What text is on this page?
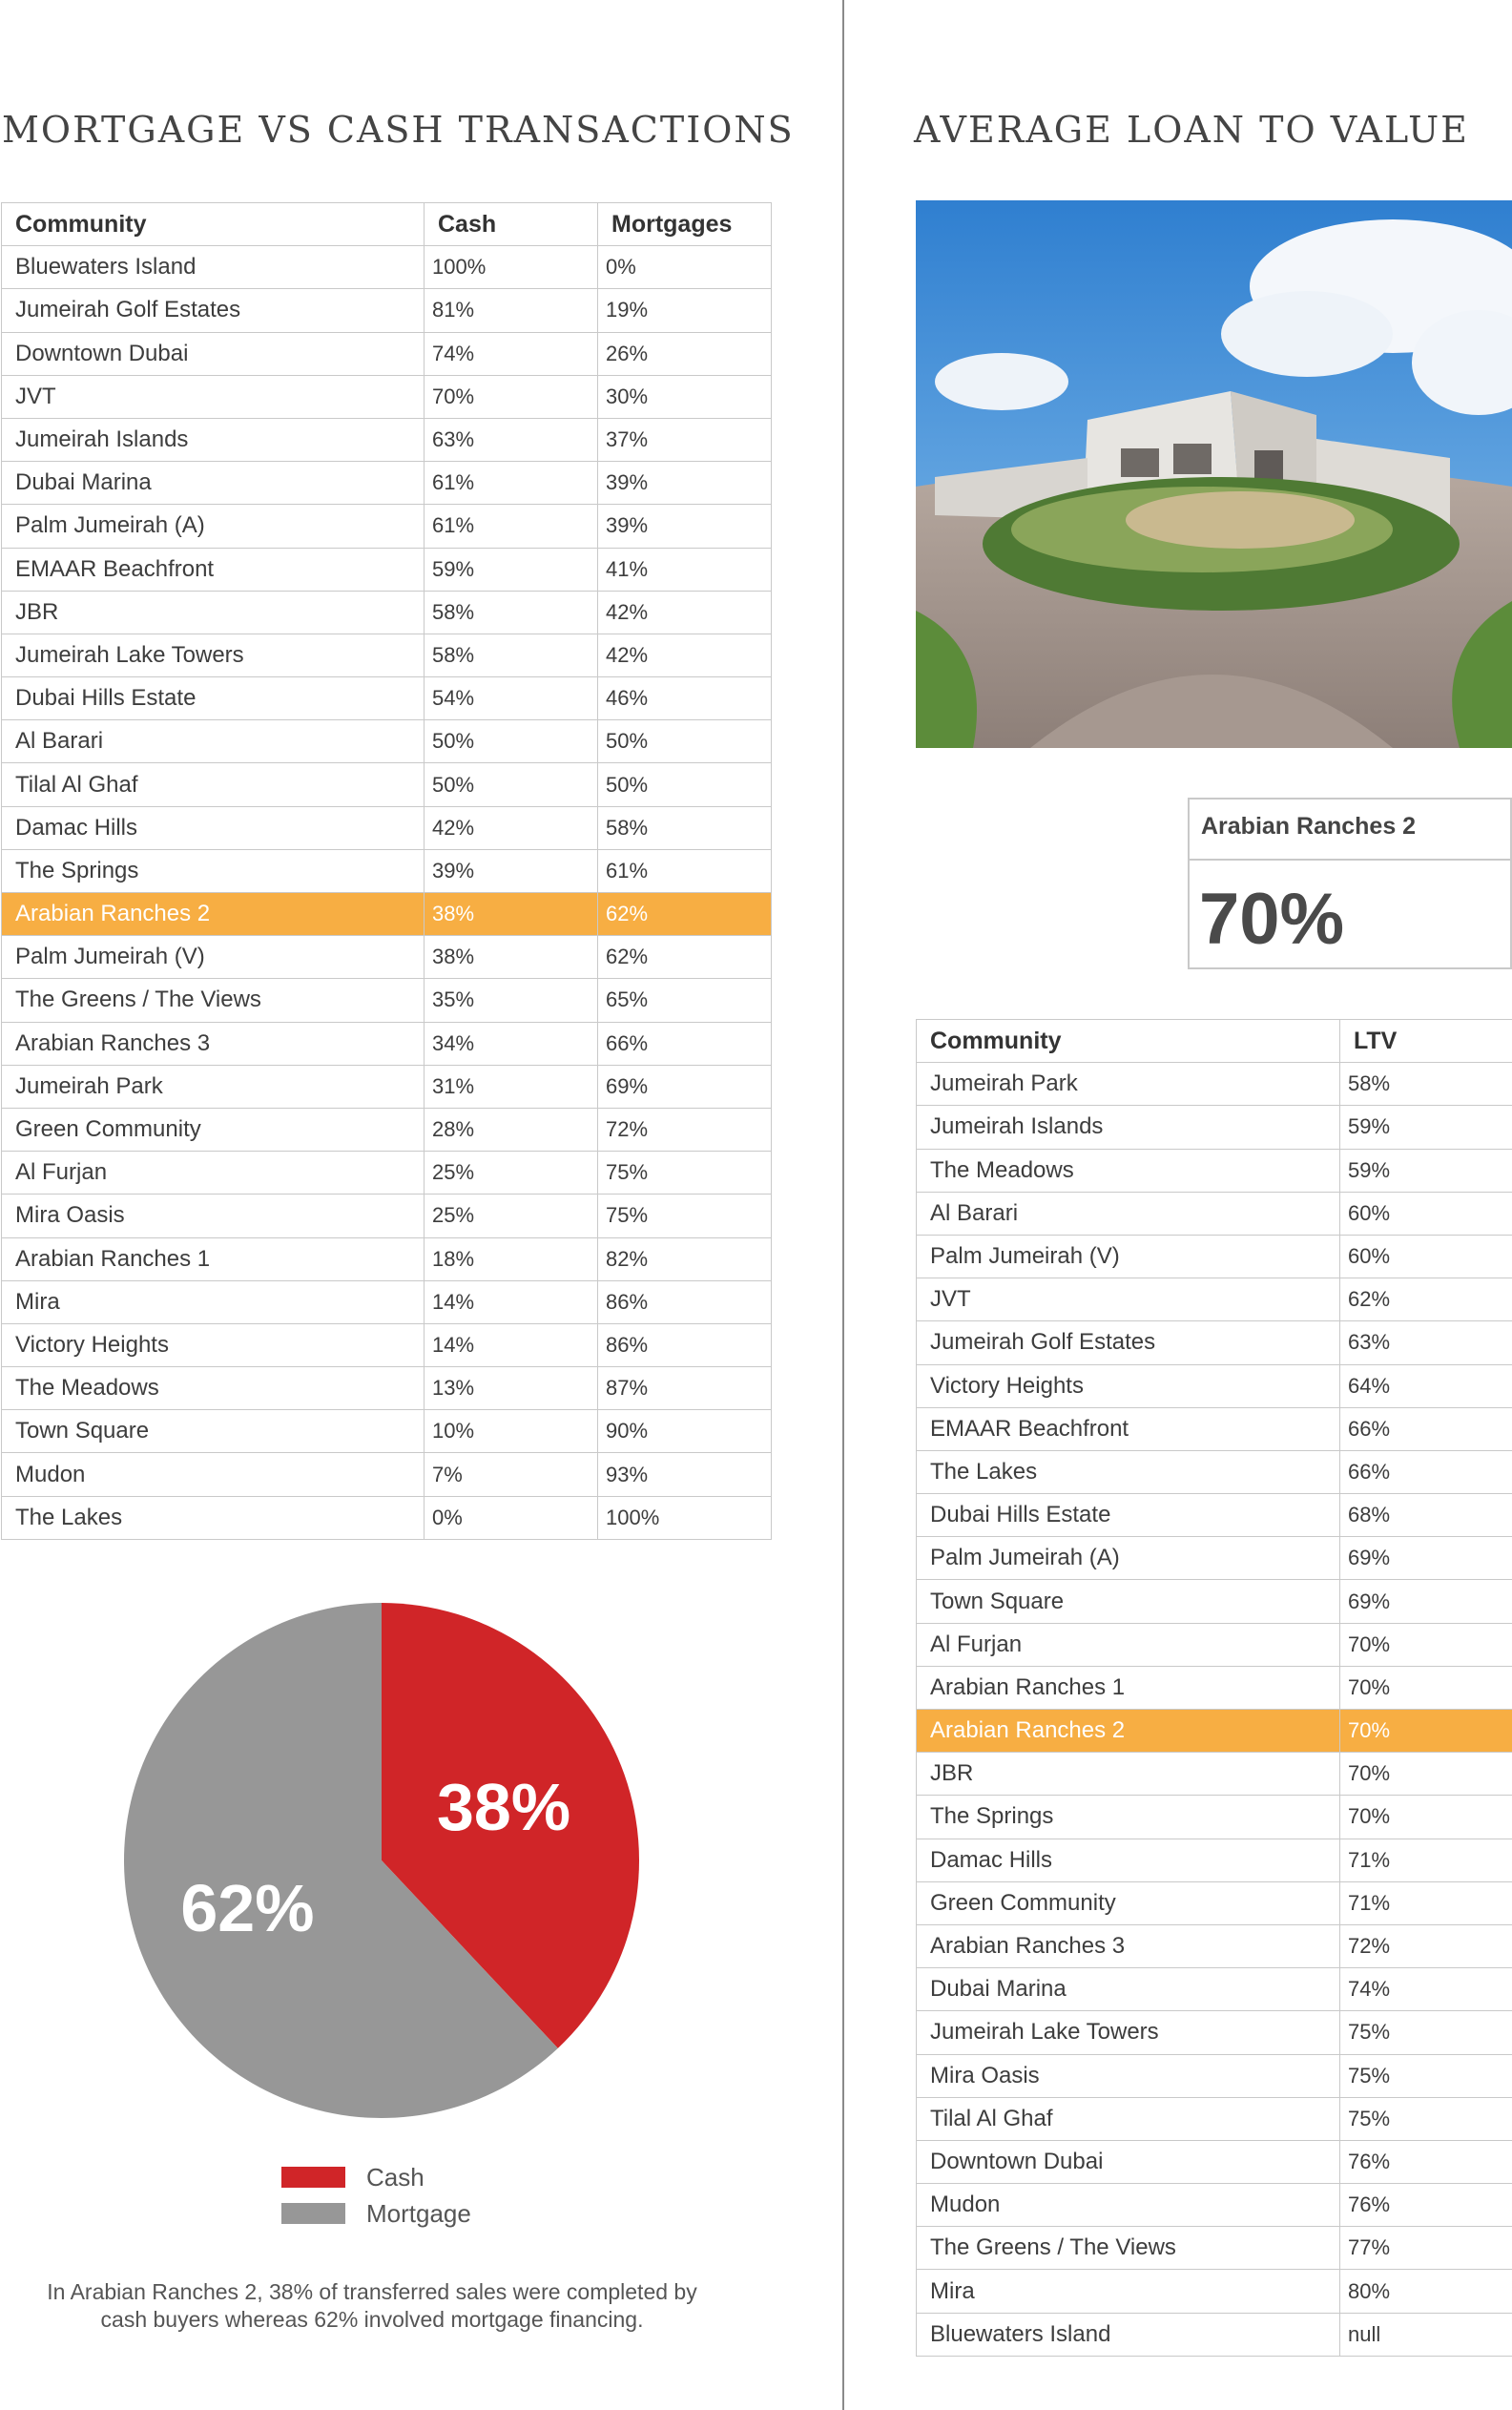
MORTGAGE VS CASH TRANSACTIONS	AVERAGE LOAN TO VALUE
Community	Cash	Mortgages
Bluewaters Island	100%	0%
Jumeirah Golf Estates	81%	19%
Downtown Dubai	74%	26%
JVT	70%	30%
Jumeirah Islands	63%	37%
Dubai Marina	61%	39%
Palm Jumeirah (A)	61%	39%
EMAAR Beachfront	59%	41%
JBR	58%	42%
Jumeirah Lake Towers	58%	42%
Dubai Hills Estate	54%	46%
Al Barari	50%	50%
Tilal Al Ghaf	50%	50%
Damac Hills	42%	58%
The Springs	39%	61%
Arabian Ranches 2	38%	62%
Palm Jumeirah (V)	38%	62%
The Greens / The Views	35%	65%
Arabian Ranches 3	34%	66%
Jumeirah Park	31%	69%
Green Community	28%	72%
Al Furjan	25%	75%
Mira Oasis	25%	75%
Arabian Ranches 1	18%	82%
Mira	14%	86%
Victory Heights	14%	86%
The Meadows	13%	87%
Town Square	10%	90%
Mudon	7%	93%
The Lakes	0%	100%
Arabian Ranches 2
70%
Community	LTV
Jumeirah Park	58%
Jumeirah Islands	59%
The Meadows	59%
Al Barari	60%
Palm Jumeirah (V)	60%
JVT	62%
Jumeirah Golf Estates	63%
Victory Heights	64%
EMAAR Beachfront	66%
The Lakes	66%
Dubai Hills Estate	68%
Palm Jumeirah (A)	69%
Town Square	69%
Al Furjan	70%
Arabian Ranches 1	70%
Arabian Ranches 2	70%
JBR	70%
The Springs	70%
Damac Hills	71%
Green Community	71%
Arabian Ranches 3	72%
Dubai Marina	74%
Jumeirah Lake Towers	75%
Mira Oasis	75%
Tilal Al Ghaf	75%
Downtown Dubai	76%
Mudon	76%
The Greens / The Views	77%
Mira	80%
Bluewaters Island	null
38%
62%
Cash
Mortgage
In Arabian Ranches 2, 38% of transferred sales were completed by cash buyers whereas 62% involved mortgage financing.
